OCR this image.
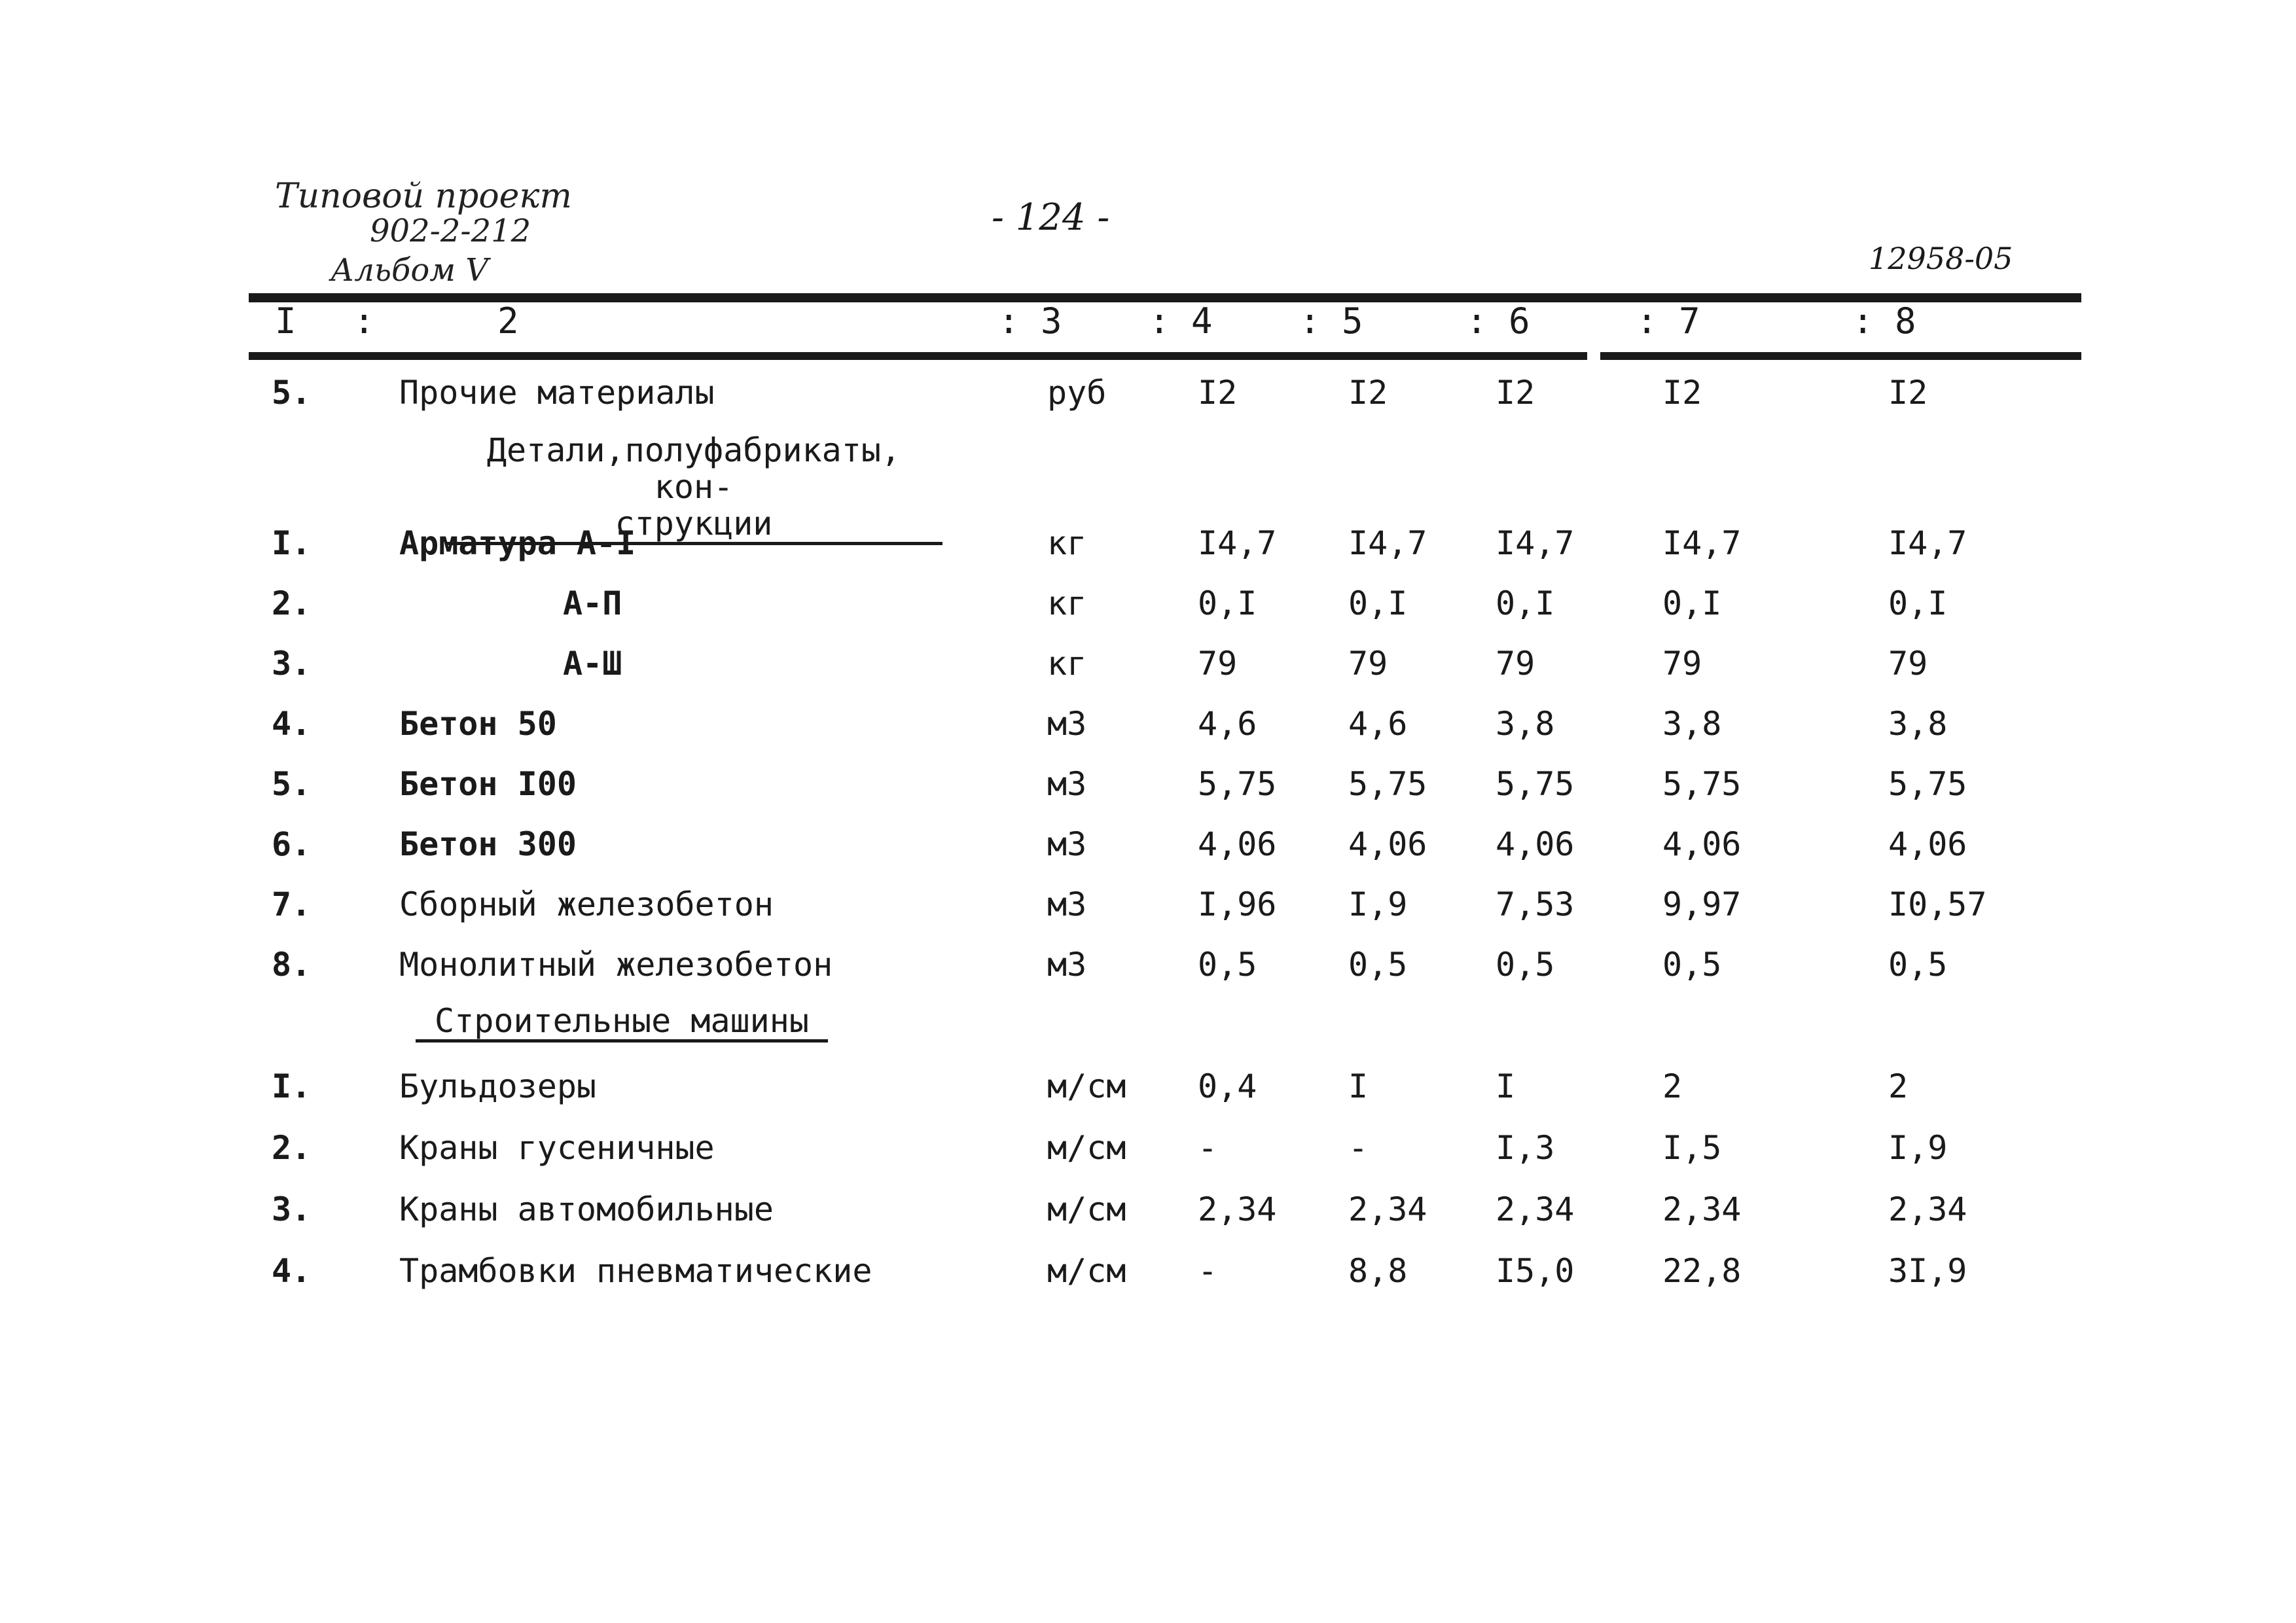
Типовой проект
902-2-212
Альбом V
- 124 -
12958-05
I :	2	: 3 : 4 : 5	: 6	: 7	: 8
5.	Прочие материалы	руб	I2	I2	I2	I2	I2
Детали,полуфабрикаты, кон-
струкции
I.	Арматура А-I	кг	I4,7 I4,7 I4,7	I4,7	I4,7
2.	А-П	кг	0,I	0,I	0,I	0,I	0,I
3.	А-Ш	кг	79	79	79	79	79
4.	Бетон 50	м3	4,6	4,6	3,8	3,8	3,8
5.	Бетон I00	м3	5,75 5,75 5,75	5,75	5,75
6.	Бетон 300	м3	4,06 4,06 4,06	4,06	4,06
7.	Сборный железобетон	м3	I,96 I,9	7,53	9,97	I0,57
8.	Монолитный железобетон	м3	0,5	0,5	0,5	0,5	0,5
Строительные машины
I.	Бульдозеры	м/см 0,4	I	I	2	2
2.	Краны гусеничные	м/см -	-	I,3	I,5	I,9
3.	Краны автомобильные	м/см 2,34 2,34 2,34	2,34	2,34
4.	Трамбовки пневматические	м/см -	8,8	I5,0	22,8	3I,9
